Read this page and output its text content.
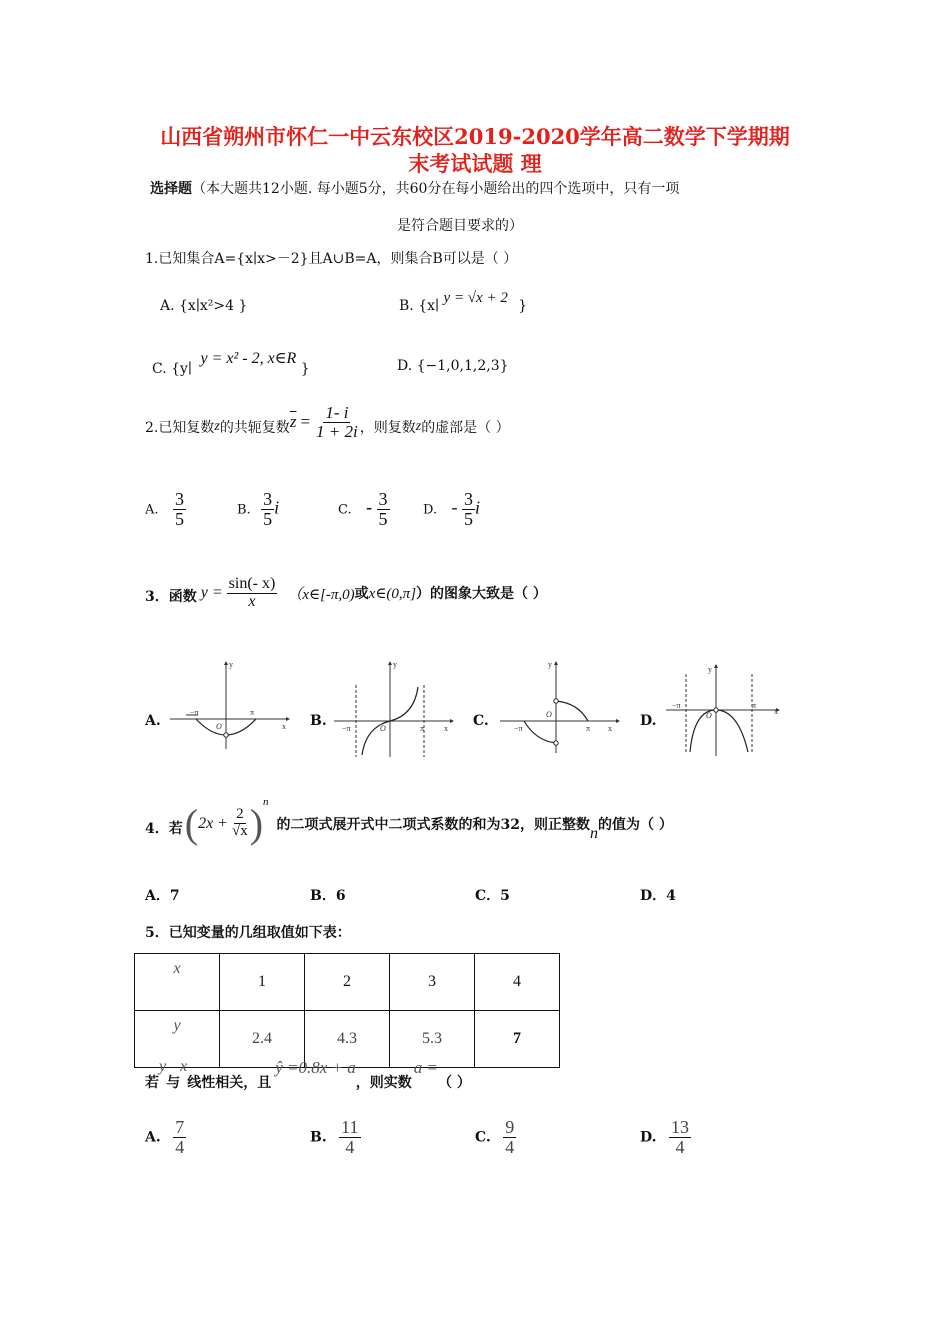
山西省朔州市怀仁一中云东校区2019-2020学年高二数学下学期期
末考试试题 理
选择题（本大题共12小题. 每小题5分，共60分在每小题给出的四个选项中，只有一项
是符合题目要求的）
1.已知集合A={x∣x>－2}且A∪B=A，则集合B可以是（ ）
A. {x∣x²>4 }	B. {x∣ y = √x + 2 }
C. {y∣ y = x² - 2, x∈R }	D. {−1,0,1,2,3}
2.已知复数 z 的共轭复数 $\overline{z} = \frac{1- i}{1 + 2i}$ ，则复数 z 的虚部是（ ）
A. $\frac{3}{5}$	B. $\frac{3}{5}$ i	C. - $\frac{3}{5}$	D. - $\frac{3}{5}$ i
3．函数 $y = \frac{\sin(- x)}{x}$ （x∈[-π,0) 或 x∈(0,π] ）的图象大致是（ ）
A.
y
x
−π	π
O	B.
y
x
−π	π
O	C.
y
x
−π	π
O	D.
y
x
−π	π
O
4．若 ( $2x + \frac{2}{√x}$ ) n
的二项式展开式中二项式系数的和为32，则正整数 n 的值为（ ）
A．7	B．6	C．5	D．4
5．已知变量的几组取值如下表：
x	1	2	3	4
y	2.4	4.3	5.3	7
若
y
与
x
线性相关，且
ŷ =0.8x + a
，则实数
a =
（ ）
A. $\frac{7}{4}$	B. $\frac{11}{4}$	C. $\frac{9}{4}$	D. $\frac{13}{4}$
